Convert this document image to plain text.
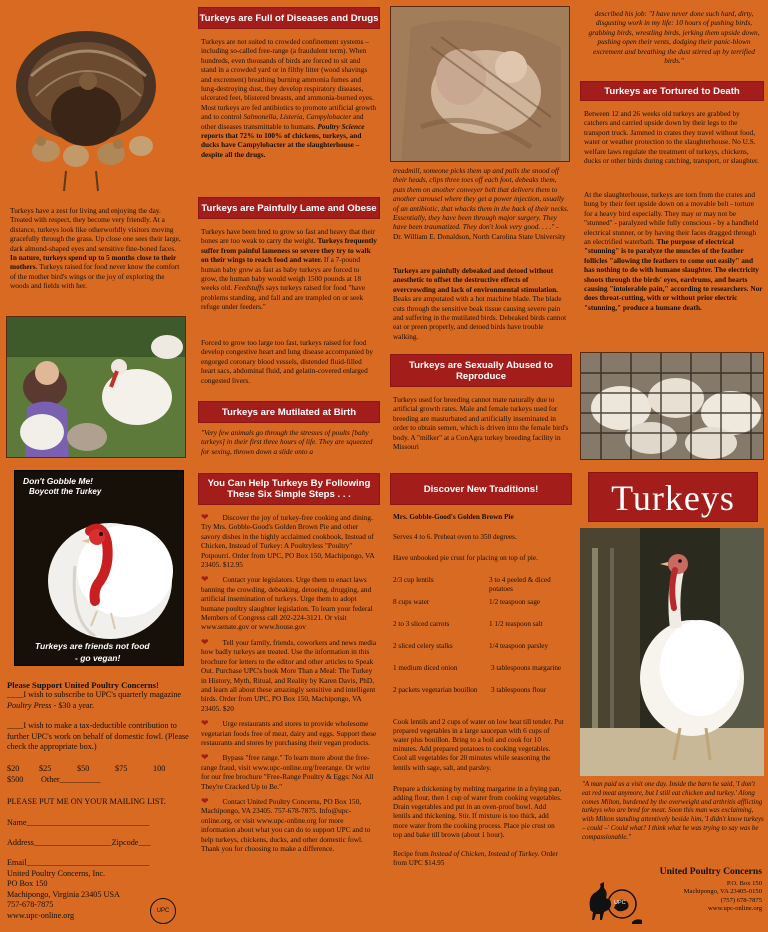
Turkeys have a zest for living and enjoying the day. Treated with respect, they become very friendly. At a distance, turkeys look like otherworldly visitors moving gracefully through the grass. Up close one sees their large, dark almond-shaped eyes and sensitive fine-boned faces. In nature, turkeys spend up to 5 months close to their mothers. Turkeys raised for food never know the comfort of the mother bird's wings or the joy of exploring the woods and fields with her.
Don't Gobble Me!
Boycott the Turkey
Turkeys are friends not food
- go vegan!
Please Support United Poultry Concerns!
____I wish to subscribe to UPC's quarterly magazine Poultry Press - $30 a year.
____I wish to make a tax-deductible contribution to further UPC's work on behalf of domestic fowl. (Please check the appropriate box.)
$20	$25	$50	$75	100
$500	Other__________
PLEASE PUT ME ON YOUR MAILING LIST.
Name______________________________
Address___________________Zipcode___
Email______________________________
United Poultry Concerns, Inc.
PO Box 150
Machipongo, Virginia 23405 USA
757-678-7875
www.upc-online.org	UPC
Turkeys are Full of Diseases and Drugs
Turkeys are not suited to crowded confinement systems – including so-called free-range (a fraudulent term). When hundreds, even thousands of birds are forced to sit and stand in a crowded yard or in filthy litter (wood shavings and excrement) breathing burning ammonia fumes and lung-destroying dust, they develop respiratory diseases, ulcerated feet, blistered breasts, and ammonia-burned eyes. Most turkeys are fed antibiotics to promote artificial growth and to control Salmonella, Listeria, Campylobacter and other diseases transmittable to humans. Poultry Science reports that 72% to 100% of chickens, turkeys, and ducks have Campylobacter at the slaughterhouse – despite all the drugs.
Turkeys are Painfully Lame and Obese
Turkeys have been bred to grow so fast and heavy that their bones are too weak to carry the weight. Turkeys frequently suffer from painful lameness so severe they try to walk on their wings to reach food and water. If a 7-pound human baby grew as fast as baby turkeys are forced to grow, the human baby would weigh 1500 pounds at 18 weeks old. Feedstuffs says turkeys raised for food "have problems standing, and fall and are trampled on or seek refuge under feeders."
Forced to grow too large too fast, turkeys raised for food develop congestive heart and lung disease accompanied by engorged coronary blood vessels, distended fluid-filled heart sacs, abdominal fluid, and gelatin-covered enlarged congested livers.
Turkeys are Mutilated at Birth
"Very few animals go through the stresses of poults [baby turkeys] in their first three hours of life. They are squeezed for sexing, thrown down a slide onto a
You Can Help Turkeys By Following These Six Simple Steps . . .
❤ Discover the joy of turkey-free cooking and dining. Try Mrs. Gobble-Good's Golden Brown Pie and other savory dishes in the highly acclaimed cookbook, Instead of Chicken, Instead of Turkey: A Poultryless "Poultry" Potpourri. Order from UPC, PO Box 150, Machipongo, VA 23405. $12.95
❤ Contact your legislators. Urge them to enact laws banning the crowding, debeaking, detoeing, drugging, and artificial insemination of turkeys. Urge them to adopt humane poultry slaughter legislation. To learn your federal Members of Congress call 202-224-3121. Or visit www.senate.gov or www.house.gov
❤ Tell your family, friends, coworkers and news media how badly turkeys are treated. Use the information in this brochure for letters to the editor and other articles to Speak Out. Purchase UPC's book More Than a Meal: The Turkey in History, Myth, Ritual, and Reality by Karen Davis, PhD, and learn all about these amazingly sensitive and intelligent birds. Order from UPC, PO Box 150, Machipongo, VA 23405. $20
❤ Urge restaurants and stores to provide wholesome vegetarian foods free of meat, dairy and eggs. Support these restaurants and stores by purchasing their vegan products.
❤ Bypass "free range." To learn more about the free-range fraud, visit www.upc-online.org/freerange. Or write for our free brochure "Free-Range Poultry & Eggs: Not All They're Cracked Up to Be."
❤ Contact United Poultry Concerns, PO Box 150, Machipongo, VA 23405. 757-678-7875. Info@upc-online.org, or visit www.upc-online.org for more information about what you can do to support UPC and to help turkeys, chickens, ducks, and other domestic fowl. Thank you for choosing to make a difference.
treadmill, someone picks them up and pulls the snood off their heads, clips three toes off each foot, debeaks them, puts them on another conveyer belt that delivers them to another carousel where they get a power injection, usually of an antibiotic, that whacks them in the back of their necks. Essentially, they have been through major surgery. They have been traumatized. They don't look very good. . . ." - Dr. William E. Donaldson, North Carolina State University
Turkeys are painfully debeaked and detoed without anesthetic to offset the destructive effects of overcrowding and lack of environmental stimulation. Beaks are amputated with a hot machine blade. The blade cuts through the sensitive beak tissue causing severe pain and suffering in the mutilated birds. Debeaked birds cannot eat or preen properly, and detoed birds have trouble walking.
Turkeys are Sexually Abused to Reproduce
Turkeys used for breeding cannot mate naturally due to artificial growth rates. Male and female turkeys used for breeding are masturbated and artificially inseminated in order to obtain semen, which is driven into the female bird's body. A "milker" at a ConAgra turkey breeding facility in Missouri
Discover New Traditions!
Mrs. Gobble-Good's Golden Brown Pie
Serves 4 to 6. Preheat oven to 350 degrees.
Have unbooked pie crust for placing on top of pie.
2/3 cup lentils	3 to 4 peeled & diced potatoes
8 cups water	1/2 teaspoon sage
2 to 3 sliced carrots	1 1/2 teaspoon salt
2 sliced celery stalks	1/4 teaspoon parsley
1 medium diced onion	3 tablespoons margarine
2 packets vegetarian bouillon	3 tablespoons flour
Cook lentils and 2 cups of water on low heat till tender. Put prepared vegetables in a large saucepan with 6 cups of water plus bouillon. Bring to a boil and cook for 10 minutes. Add prepared potatoes to cooking vegetables. Cool all vegetables for 20 minutes while seasoning the lentils with sage, salt, and parsley.
Prepare a thickening by melting margarine in a frying pan, adding flour, then 1 cup of water from cooking vegetables. Drain vegetables and put in an oven-proof bowl. Add lentils and thickening. Stir. If mixture is too thick, add more water from the cooking process. Place pie crust on top and bake till brown (about 1 hour).
Recipe from Instead of Chicken, Instead of Turkey. Order from UPC $14.95
described his job: "I have never done such hard, dirty, disgusting work in my life: 10 hours of pushing birds, grabbing birds, wrestling birds, jerking them upside down, pushing open their vents, dodging their panic-blown excrement and breathing the dust stirred up by terrified birds."
Turkeys are Tortured to Death
Between 12 and 26 weeks old turkeys are grabbed by catchers and carried upside down by their legs to the transport truck. Jammed in crates they travel without food, water or weather protection to the slaughterhouse. No U.S. welfare laws regulate the treatment of turkeys, chickens, ducks or other birds during catching, transport, or slaughter.
At the slaughterhouse, turkeys are torn from the crates and hung by their feet upside down on a movable belt - torture for a heavy bird especially. They may or may not be "stunned" - paralyzed while fully conscious - by a handheld electrical stunner, or by having their faces dragged through an electrified waterbath. The purpose of electrical "stunning" is to paralyze the muscles of the feather follicles "allowing the feathers to come out easily" and has nothing to do with humane slaughter. The electricity shoots through the birds' eyes, eardrums, and hearts causing "intolerable pain," according to researchers. Nor does throat-cutting, with or without prior electric "stunning," produce a humane death.
Turkeys
"A man paid us a visit one day. Inside the barn he said, 'I don't eat red meat anymore, but I still eat chicken and turkey.' Along comes Milton, burdened by the overweight and arthritis afflicting turkeys who are bred for meat. Soon this man was exclaiming, with Milton standing attentively beside him, 'I didn't know turkeys – could –' Could what? I think what he was trying to say was be compassionable."
UPC
United Poultry Concerns
P.O. Box 150
Machipongo, VA 23405-0150
(757) 678-7875
www.upc-online.org
